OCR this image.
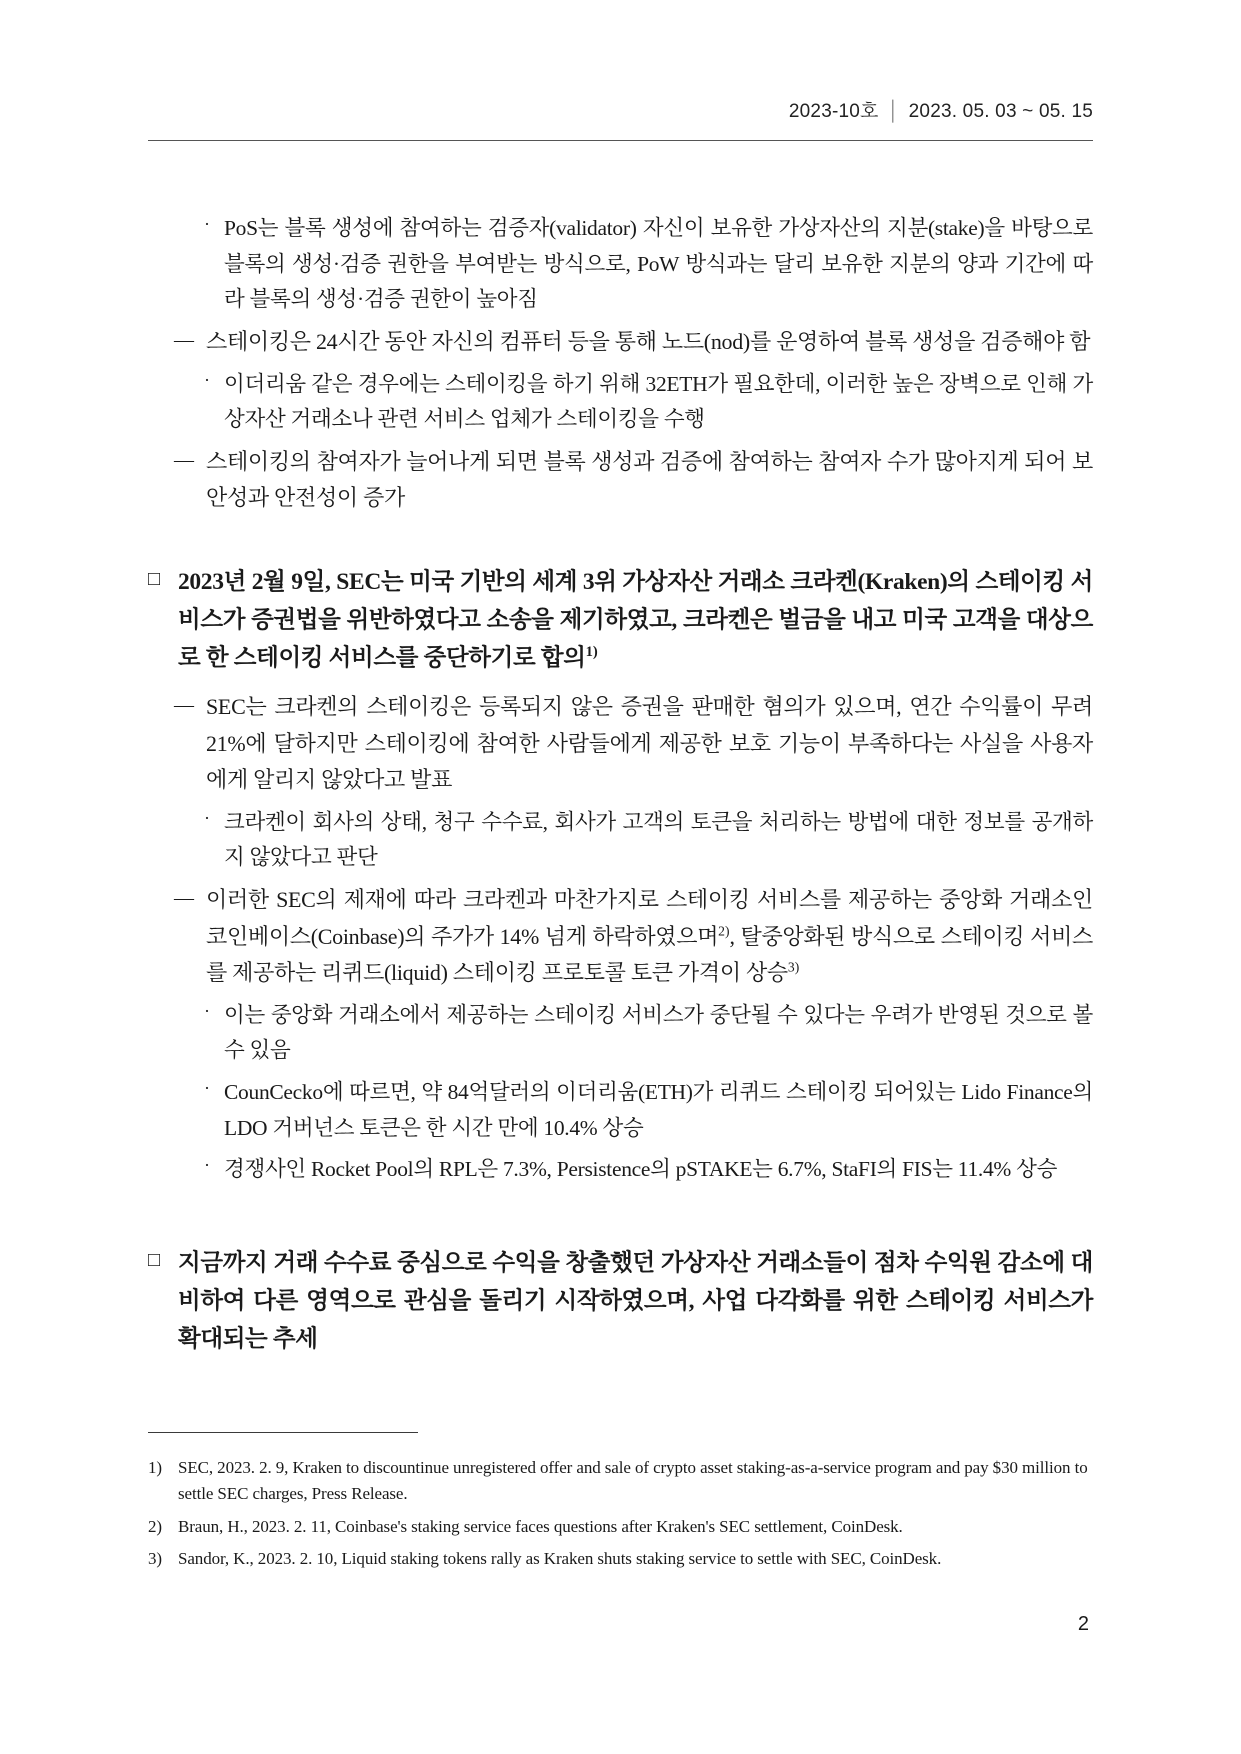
2023-10호 │ 2023. 05. 03 ~ 05. 15
· PoS는 블록 생성에 참여하는 검증자(validator) 자신이 보유한 가상자산의 지분(stake)을 바탕으로 블록의 생성·검증 권한을 부여받는 방식으로, PoW 방식과는 달리 보유한 지분의 양과 기간에 따라 블록의 생성·검증 권한이 높아짐
— 스테이킹은 24시간 동안 자신의 컴퓨터 등을 통해 노드(nod)를 운영하여 블록 생성을 검증해야 함
· 이더리움 같은 경우에는 스테이킹을 하기 위해 32ETH가 필요한데, 이러한 높은 장벽으로 인해 가상자산 거래소나 관련 서비스 업체가 스테이킹을 수행
— 스테이킹의 참여자가 늘어나게 되면 블록 생성과 검증에 참여하는 참여자 수가 많아지게 되어 보안성과 안전성이 증가
□ 2023년 2월 9일, SEC는 미국 기반의 세계 3위 가상자산 거래소 크라켄(Kraken)의 스테이킹 서비스가 증권법을 위반하였다고 소송을 제기하였고, 크라켄은 벌금을 내고 미국 고객을 대상으로 한 스테이킹 서비스를 중단하기로 합의$^{1)}$
— SEC는 크라켄의 스테이킹은 등록되지 않은 증권을 판매한 혐의가 있으며, 연간 수익률이 무려 21%에 달하지만 스테이킹에 참여한 사람들에게 제공한 보호 기능이 부족하다는 사실을 사용자에게 알리지 않았다고 발표
· 크라켄이 회사의 상태, 청구 수수료, 회사가 고객의 토큰을 처리하는 방법에 대한 정보를 공개하지 않았다고 판단
— 이러한 SEC의 제재에 따라 크라켄과 마찬가지로 스테이킹 서비스를 제공하는 중앙화 거래소인 코인베이스(Coinbase)의 주가가 14% 넘게 하락하였으며$^{2)}$, 탈중앙화된 방식으로 스테이킹 서비스를 제공하는 리퀴드(liquid) 스테이킹 프로토콜 토큰 가격이 상승$^{3)}$
· 이는 중앙화 거래소에서 제공하는 스테이킹 서비스가 중단될 수 있다는 우려가 반영된 것으로 볼 수 있음
· CounCecko에 따르면, 약 84억달러의 이더리움(ETH)가 리퀴드 스테이킹 되어있는 Lido Finance의 LDO 거버넌스 토큰은 한 시간 만에 10.4% 상승
· 경쟁사인 Rocket Pool의 RPL은 7.3%, Persistence의 pSTAKE는 6.7%, StaFI의 FIS는 11.4% 상승
□ 지금까지 거래 수수료 중심으로 수익을 창출했던 가상자산 거래소들이 점차 수익원 감소에 대비하여 다른 영역으로 관심을 돌리기 시작하였으며, 사업 다각화를 위한 스테이킹 서비스가 확대되는 추세
1) SEC, 2023. 2. 9, Kraken to discountinue unregistered offer and sale of crypto asset staking-as-a-service program and pay $30 million to settle SEC charges, Press Release.
2) Braun, H., 2023. 2. 11, Coinbase's staking service faces questions after Kraken's SEC settlement, CoinDesk.
3) Sandor, K., 2023. 2. 10, Liquid staking tokens rally as Kraken shuts staking service to settle with SEC, CoinDesk.
2
